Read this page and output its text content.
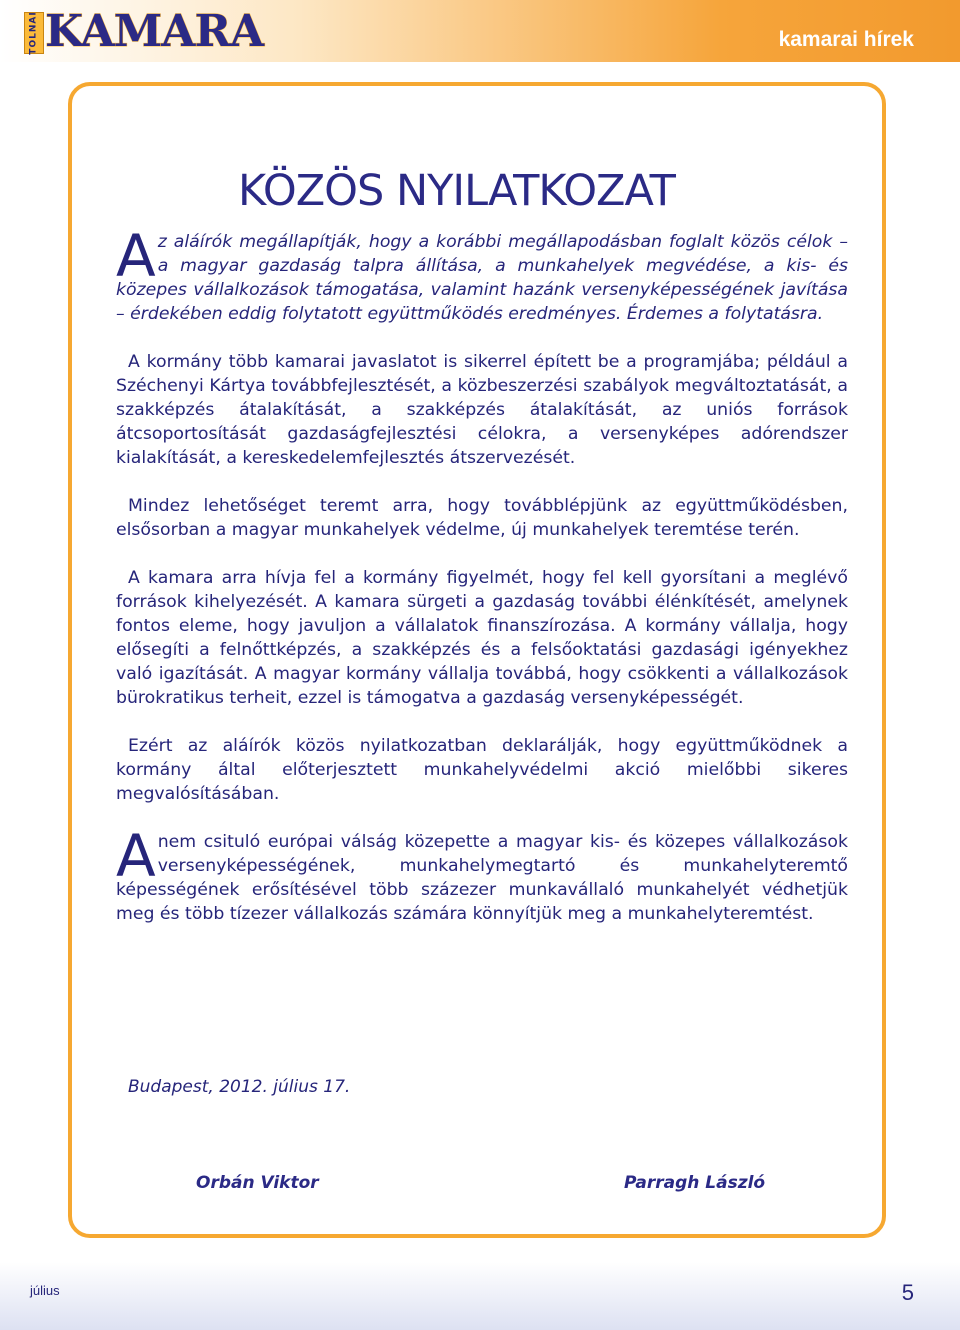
TOLNAI KAMARA	kamarai hírek
KÖZÖS NYILATKOZAT

Az aláírók megállapítják, hogy a korábbi megállapodásban foglalt közös célok – a magyar gazdaság talpra állítása, a munkahelyek megvédése, a kis- és közepes vállalkozások támogatása, valamint hazánk versenyképességének javítása – érdekében eddig folytatott együttműködés eredményes. Érdemes a folytatásra.

A kormány több kamarai javaslatot is sikerrel épített be a programjába; például a Széchenyi Kártya továbbfejlesztését, a közbeszerzési szabályok megváltoztatását, a szakképzés átalakítását, a szakképzés átalakítását, az uniós források átcsoportosítását gazdaságfejlesztési célokra, a versenyképes adórendszer kialakítását, a kereskedelemfejlesztés átszervezését.

Mindez lehetőséget teremt arra, hogy továbblépjünk az együttműködésben, elsősorban a magyar munkahelyek védelme, új munkahelyek teremtése terén.

A kamara arra hívja fel a kormány figyelmét, hogy fel kell gyorsítani a meglévő források kihelyezését. A kamara sürgeti a gazdaság további élénkítését, amelynek fontos eleme, hogy javuljon a vállalatok finanszírozása. A kormány vállalja, hogy elősegíti a felnőttképzés, a szakképzés és a felsőoktatási gazdasági igényekhez való igazítását. A magyar kormány vállalja továbbá, hogy csökkenti a vállalkozások bürokratikus terheit, ezzel is támogatva a gazdaság versenyképességét.

Ezért az aláírók közös nyilatkozatban deklarálják, hogy együttműködnek a kormány által előterjesztett munkahelyvédelmi akció mielőbbi sikeres megvalósításában.

Anem csituló európai válság közepette a magyar kis- és közepes vállalkozások versenyképességének, munkahelymegtartó és munkahelyteremtő képességének erősítésével több százezer munkavállaló munkahelyét védhetjük meg és több tízezer vállalkozás számára könnyítjük meg a munkahelyteremtést.

Budapest, 2012. július 17.
Orbán Viktor	Parragh László
július	5
